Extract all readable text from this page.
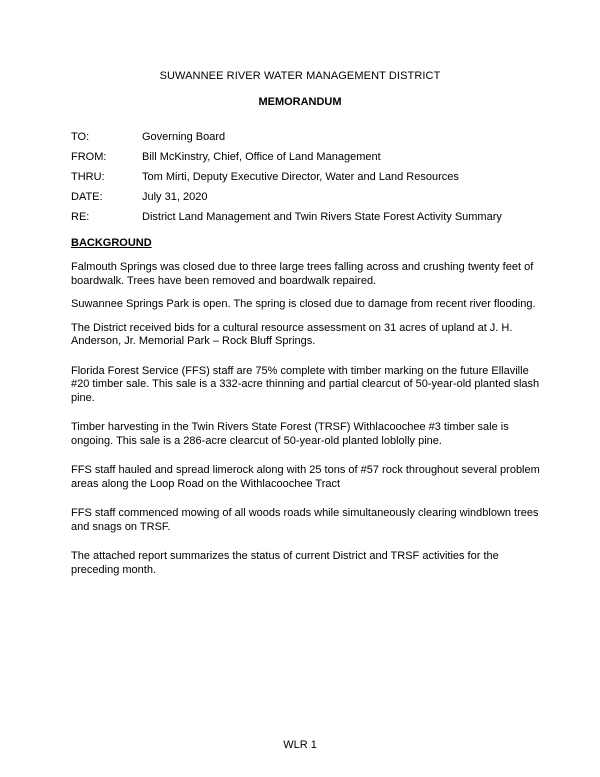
SUWANNEE RIVER WATER MANAGEMENT DISTRICT
MEMORANDUM
TO:	Governing Board
FROM:	Bill McKinstry, Chief, Office of Land Management
THRU:	Tom Mirti, Deputy Executive Director, Water and Land Resources
DATE:	July 31, 2020
RE:	District Land Management and Twin Rivers State Forest Activity Summary
BACKGROUND

Falmouth Springs was closed due to three large trees falling across and crushing twenty feet of boardwalk. Trees have been removed and boardwalk repaired.

Suwannee Springs Park is open. The spring is closed due to damage from recent river flooding.

The District received bids for a cultural resource assessment on 31 acres of upland at J. H. Anderson, Jr. Memorial Park – Rock Bluff Springs.

Florida Forest Service (FFS) staff are 75% complete with timber marking on the future Ellaville #20 timber sale. This sale is a 332-acre thinning and partial clearcut of 50-year-old planted slash pine.

Timber harvesting in the Twin Rivers State Forest (TRSF) Withlacoochee #3 timber sale is ongoing. This sale is a 286-acre clearcut of 50-year-old planted loblolly pine.

FFS staff hauled and spread limerock along with 25 tons of #57 rock throughout several problem areas along the Loop Road on the Withlacoochee Tract

FFS staff commenced mowing of all woods roads while simultaneously clearing windblown trees and snags on TRSF.

The attached report summarizes the status of current District and TRSF activities for the preceding month.

WLR 1
